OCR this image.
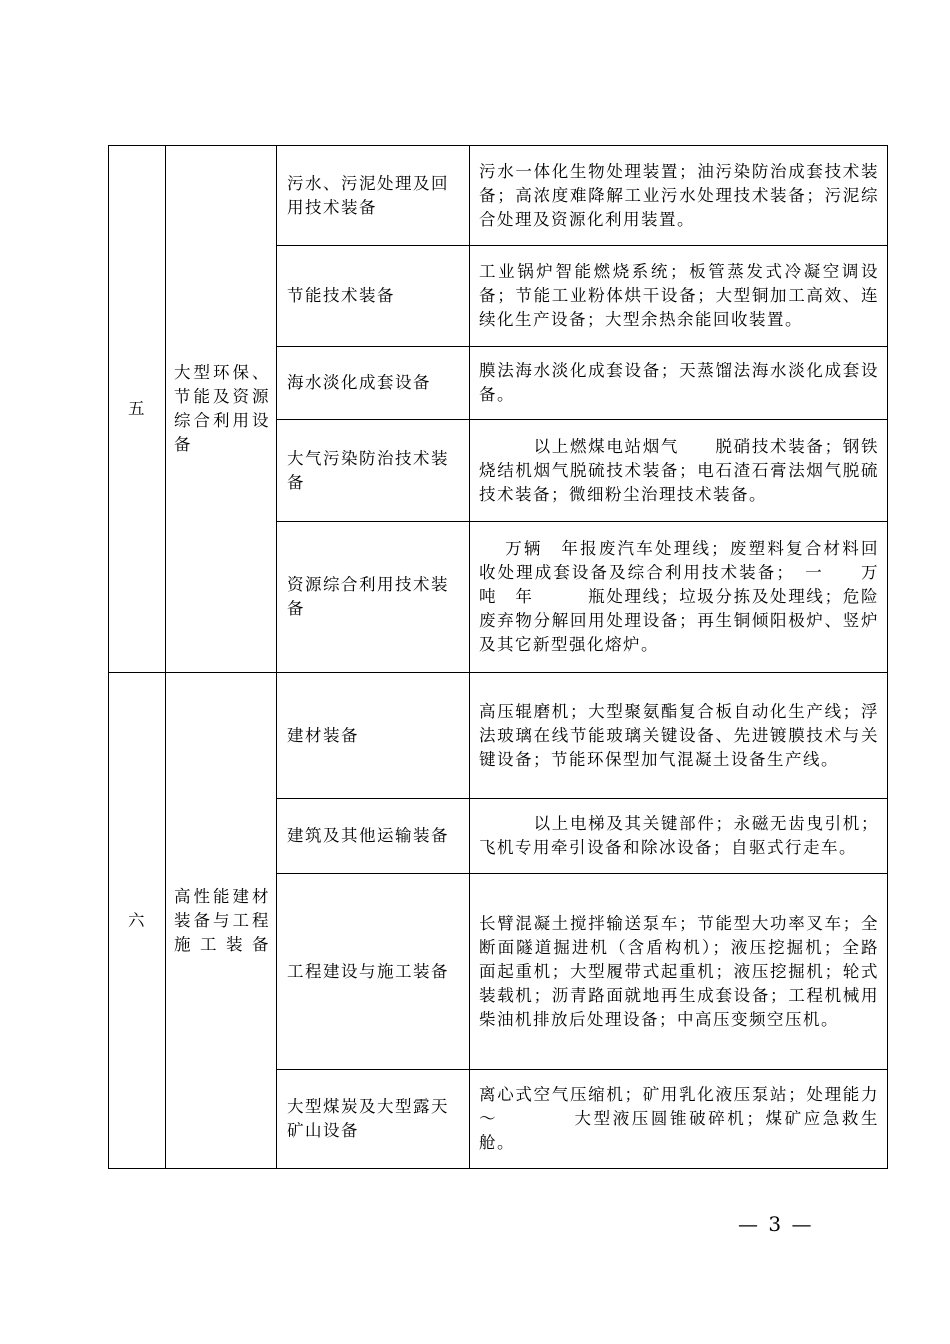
五	大型环保、节能及资源综合利用设备	污水、污泥处理及回用技术装备	污水一体化生物处理装置；油污染防治成套技术装备；高浓度难降解工业污水处理技术装备；污泥综合处理及资源化利用装置。
		节能技术装备	工业锅炉智能燃烧系统；板管蒸发式冷凝空调设备；节能工业粉体烘干设备；大型铜加工高效、连续化生产设备；大型余热余能回收装置。
		海水淡化成套设备	膜法海水淡化成套设备；天蒸馏法海水淡化成套设备。
		大气污染防治技术装备	　　　以上燃煤电站烟气　　脱硝技术装备；钢铁烧结机烟气脱硫技术装备；电石渣石膏法烟气脱硫技术装备；微细粉尘治理技术装备。
		资源综合利用技术装备	　 万辆　年报废汽车处理线；废塑料复合材料回收处理成套设备及综合利用技术装备；　一　　万吨　年　　　瓶处理线；垃圾分拣及处理线；危险废弃物分解回用处理设备；再生铜倾阳极炉、竖炉及其它新型强化熔炉。
六	高性能建材装备与工程施工装备	建材装备	高压辊磨机；大型聚氨酯复合板自动化生产线；浮法玻璃在线节能玻璃关键设备、先进镀膜技术与关键设备；节能环保型加气混凝土设备生产线。
		建筑及其他运输装备	　　　以上电梯及其关键部件；永磁无齿曳引机；飞机专用牵引设备和除冰设备；自驱式行走车。
		工程建设与施工装备	长臂混凝土搅拌输送泵车；节能型大功率叉车；全断面隧道掘进机（含盾构机）；液压挖掘机；全路面起重机；大型履带式起重机；液压挖掘机；轮式装载机；沥青路面就地再生成套设备；工程机械用柴油机排放后处理设备；中高压变频空压机。
		大型煤炭及大型露天矿山设备	离心式空气压缩机；矿用乳化液压泵站；处理能力　　～　　　　大型液压圆锥破碎机；煤矿应急救生舱。
— 3 —
